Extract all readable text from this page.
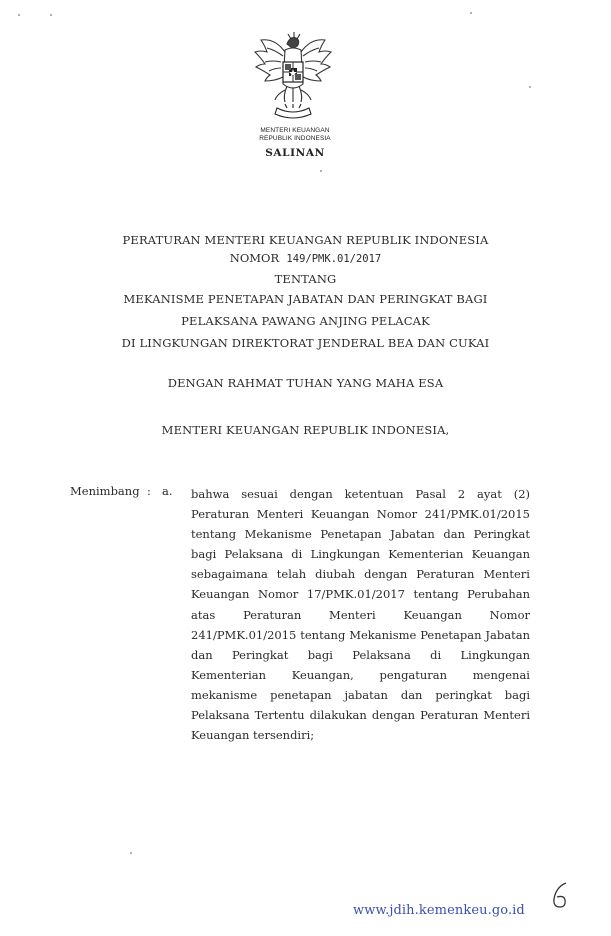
MENTERI KEUANGAN
REPUBLIK INDONESIA
SALINAN
PERATURAN MENTERI KEUANGAN REPUBLIK INDONESIA
NOMOR 149/PMK.01/2017
TENTANG
MEKANISME PENETAPAN JABATAN DAN PERINGKAT BAGI
PELAKSANA PAWANG ANJING PELACAK
DI LINGKUNGAN DIREKTORAT JENDERAL BEA DAN CUKAI
DENGAN RAHMAT TUHAN YANG MAHA ESA
MENTERI KEUANGAN REPUBLIK INDONESIA,
Menimbang : a. bahwa sesuai dengan ketentuan Pasal 2 ayat (2) Peraturan Menteri Keuangan Nomor 241/PMK.01/2015 tentang Mekanisme Penetapan Jabatan dan Peringkat bagi Pelaksana di Lingkungan Kementerian Keuangan sebagaimana telah diubah dengan Peraturan Menteri Keuangan Nomor 17/PMK.01/2017 tentang Perubahan atas Peraturan Menteri Keuangan Nomor 241/PMK.01/2015 tentang Mekanisme Penetapan Jabatan dan Peringkat bagi Pelaksana di Lingkungan Kementerian Keuangan, pengaturan mengenai mekanisme penetapan jabatan dan peringkat bagi Pelaksana Tertentu dilakukan dengan Peraturan Menteri Keuangan tersendiri;

www.jdih.kemenkeu.go.id
